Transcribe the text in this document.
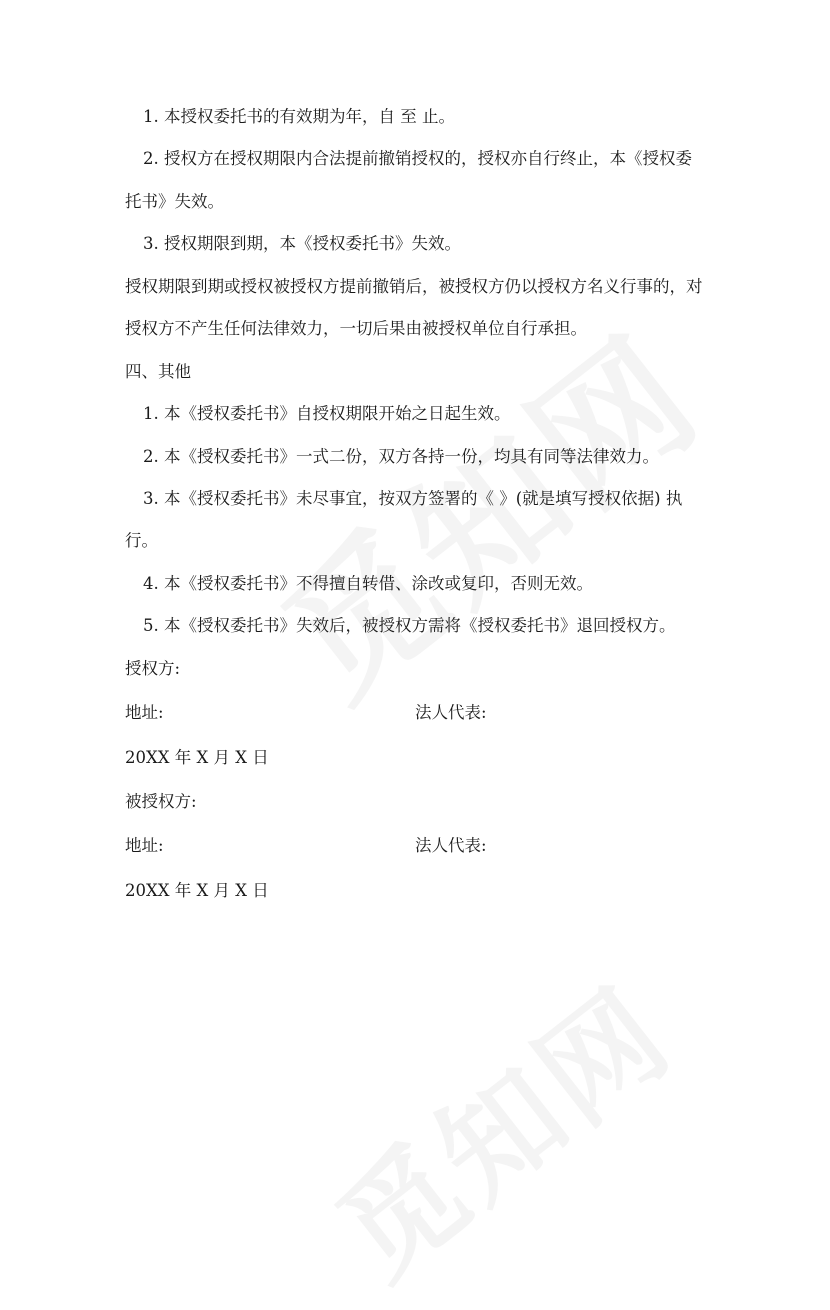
1. 本授权委托书的有效期为年，自 至 止。

2. 授权方在授权期限内合法提前撤销授权的，授权亦自行终止，本《授权委

托书》失效。

3. 授权期限到期，本《授权委托书》失效。

授权期限到期或授权被授权方提前撤销后，被授权方仍以授权方名义行事的，对

授权方不产生任何法律效力，一切后果由被授权单位自行承担。

四、其他

1. 本《授权委托书》自授权期限开始之日起生效。

2. 本《授权委托书》一式二份，双方各持一份，均具有同等法律效力。

3. 本《授权委托书》未尽事宜，按双方签署的《 》(就是填写授权依据) 执

行。

4. 本《授权委托书》不得擅自转借、涂改或复印，否则无效。

5. 本《授权委托书》失效后，被授权方需将《授权委托书》退回授权方。

授权方:

地址:	法人代表:

20XX 年 X 月 X 日

被授权方:

地址:	法人代表:

20XX 年 X 月 X 日
